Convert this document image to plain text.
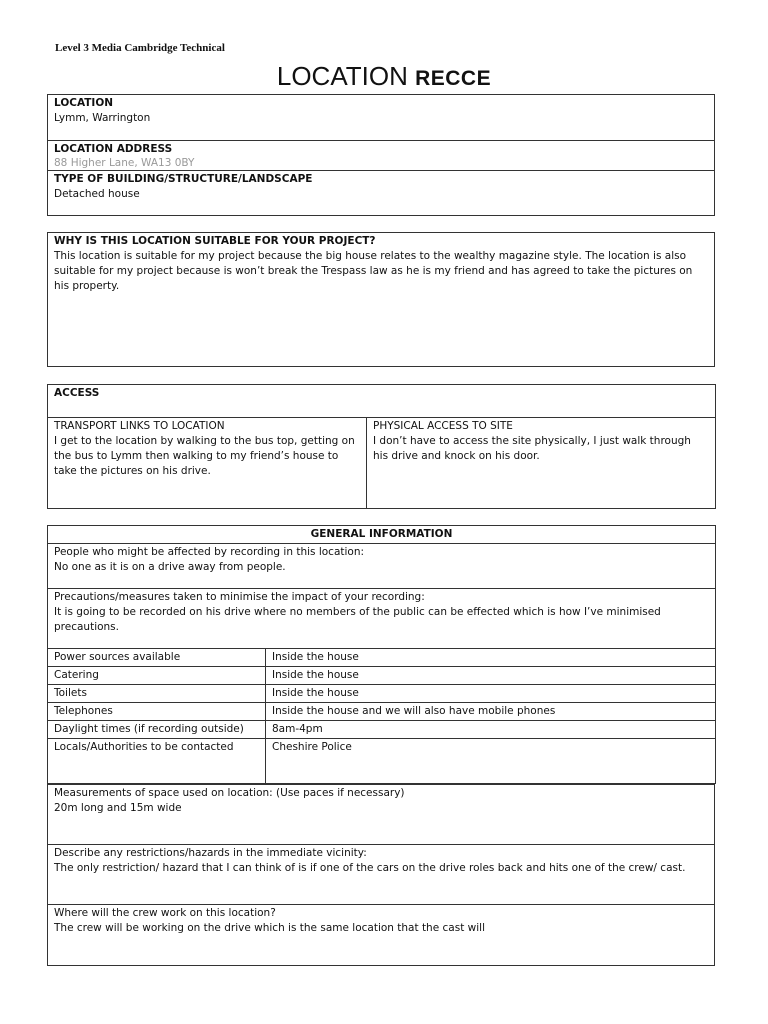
Level 3 Media Cambridge Technical
LOCATION RECCE
LOCATION
Lymm, Warrington

LOCATION ADDRESS
88 Higher Lane, WA13 0BY

TYPE OF BUILDING/STRUCTURE/LANDSCAPE
Detached house
WHY IS THIS LOCATION SUITABLE FOR YOUR PROJECT?
This location is suitable for my project because the big house relates to the wealthy magazine style. The location is also suitable for my project because is won’t break the Trespass law as he is my friend and has agreed to take the pictures on his property.
ACCESS

TRANSPORT LINKS TO LOCATION
I get to the location by walking to the bus top, getting on the bus to Lymm then walking to my friend’s house to take the pictures on his drive.

PHYSICAL ACCESS TO SITE
I don’t have to access the site physically, I just walk through his drive and knock on his door.
GENERAL INFORMATION	

People who might be affected by recording in this location:
No one as it is on a drive away from people.	

Precautions/measures taken to minimise the impact of your recording:
It is going to be recorded on his drive where no members of the public can be effected which is how I’ve minimised precautions.	

Power sources available	Inside the house
Catering	Inside the house
Toilets	Inside the house
Telephones	Inside the house and we will also have mobile phones
Daylight times (if recording outside)	8am-4pm
Locals/Authorities to be contacted	Cheshire Police
Measurements of space used on location: (Use paces if necessary)
20m long and 15m wide

Describe any restrictions/hazards in the immediate vicinity:
The only restriction/ hazard that I can think of is if one of the cars on the drive roles back and hits one of the crew/ cast.

Where will the crew work on this location?
The crew will be working on the drive which is the same location that the cast will
